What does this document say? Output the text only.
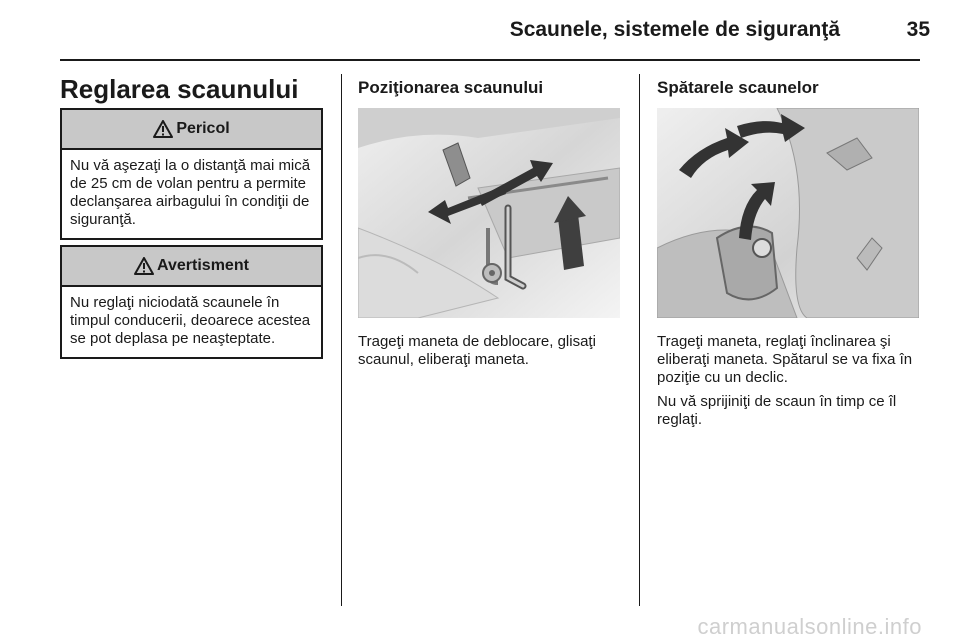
Scaunele, sistemele de siguranţă	35
Reglarea scaunului
Pericol
Nu vă aşezaţi la o distanţă mai mică de 25 cm de volan pentru a permite declanşarea airbagului în condiţii de siguranţă.
Avertisment
Nu reglaţi niciodată scaunele în timpul conducerii, deoarece acestea se pot deplasa pe neaşteptate.
Poziţionarea scaunului
Trageţi maneta de deblocare, glisaţi scaunul, eliberaţi maneta.
Spătarele scaunelor
Trageţi maneta, reglaţi înclinarea şi eliberaţi maneta. Spătarul se va fixa în poziţie cu un declic.
Nu vă sprijiniţi de scaun în timp ce îl reglaţi.
carmanualsonline.info
